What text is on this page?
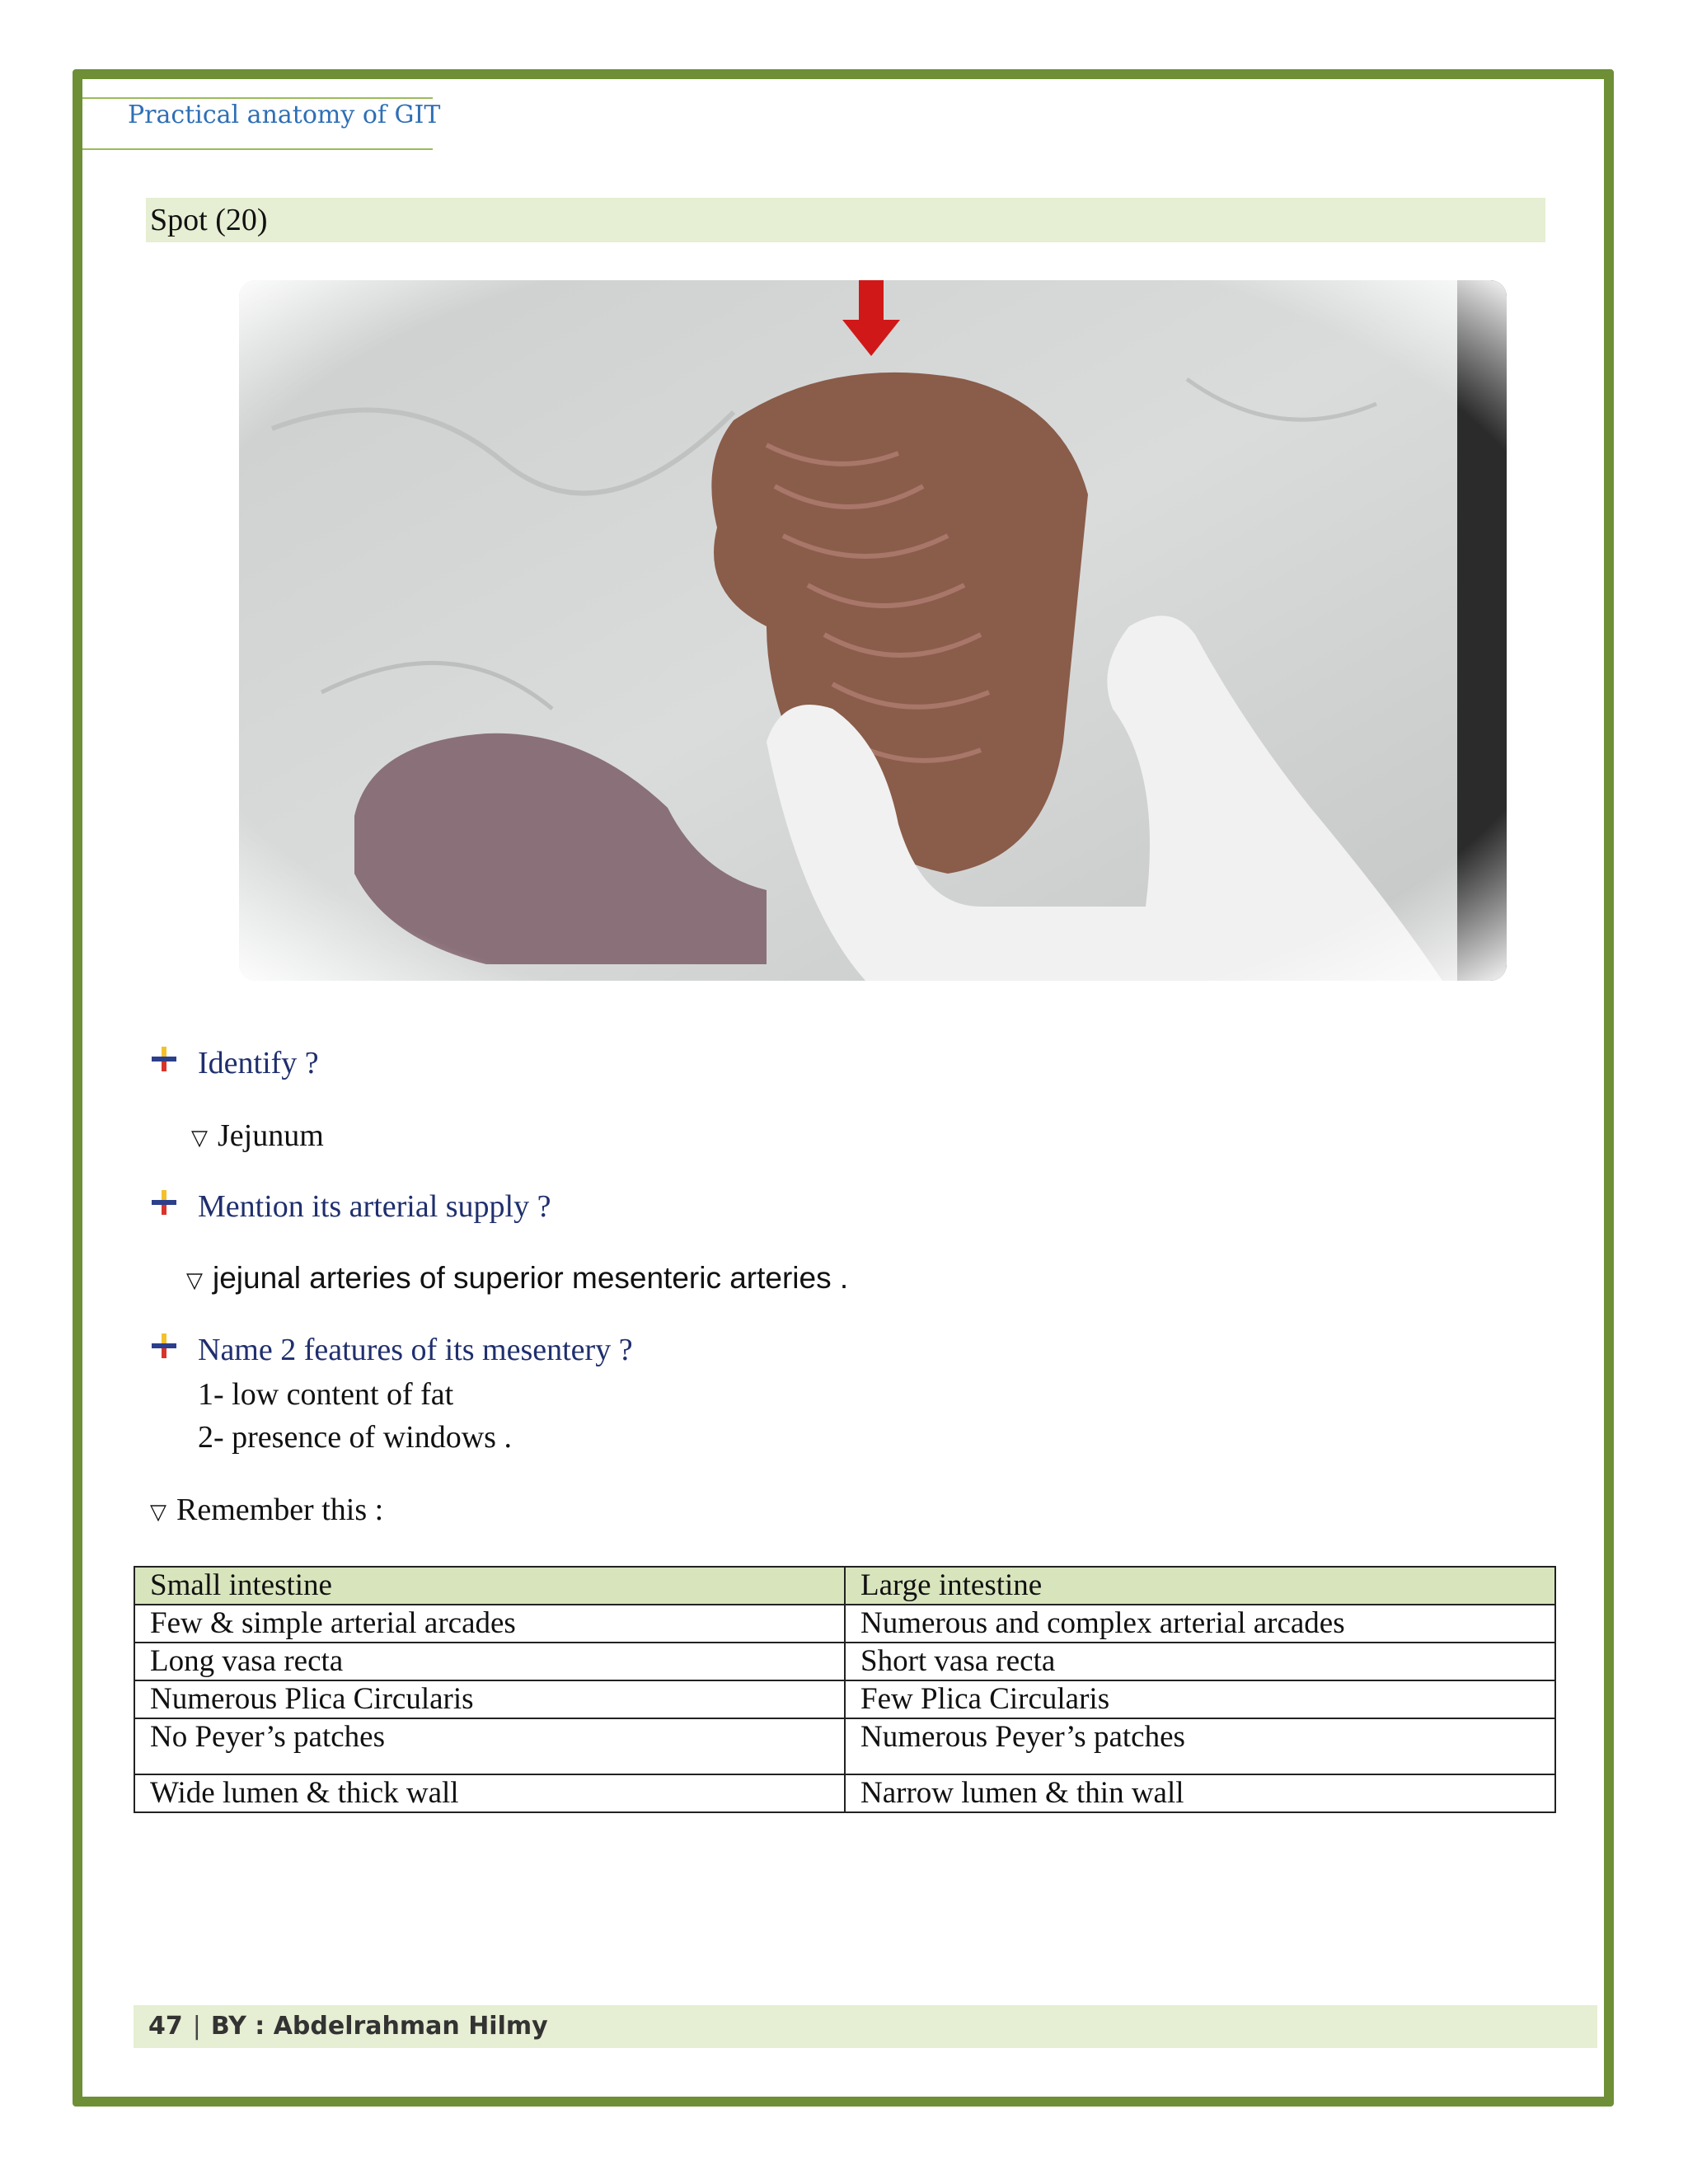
Practical anatomy of GIT
Spot (20)
Identify ?
▽ Jejunum
Mention its arterial supply ?
▽ jejunal arteries of superior mesenteric arteries .
Name 2 features of its mesentery ?
1- low content of fat
2- presence of windows .
▽ Remember this :
Small intestine	Large intestine
Few & simple arterial arcades	Numerous and complex arterial arcades
Long vasa recta	Short vasa recta
Numerous Plica Circularis	Few Plica Circularis
No Peyer’s patches	Numerous Peyer’s patches
Wide lumen & thick wall	Narrow lumen & thin wall
47 | BY : Abdelrahman Hilmy
